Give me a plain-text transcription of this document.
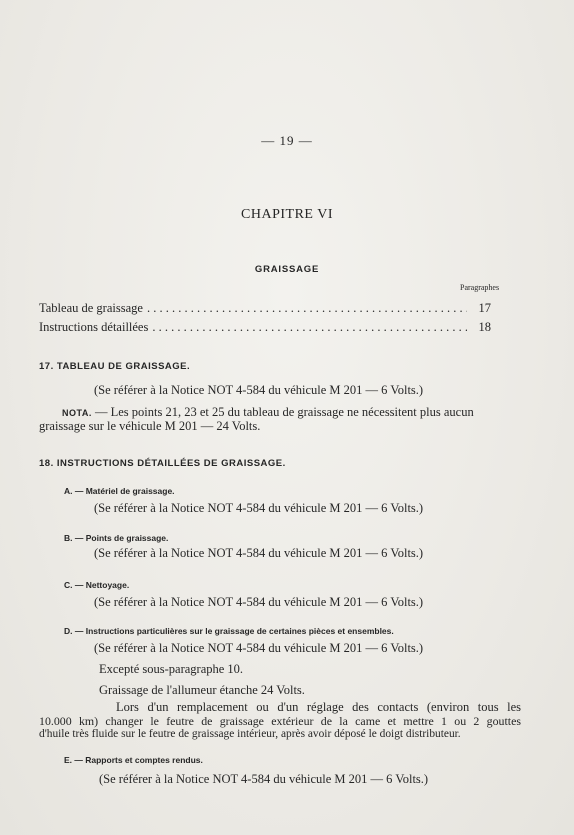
— 19 —
CHAPITRE VI
GRAISSAGE
Paragraphes
Tableau de graissage . . .	17
Instructions détaillées . . .	18
17. TABLEAU DE GRAISSAGE.
(Se référer à la Notice NOT 4-584 du véhicule M 201 — 6 Volts.)
NOTA. — Les points 21, 23 et 25 du tableau de graissage ne nécessitent plus aucun
graissage sur le véhicule M 201 — 24 Volts.
18. INSTRUCTIONS DÉTAILLÉES DE GRAISSAGE.
A. — Matériel de graissage.
(Se référer à la Notice NOT 4-584 du véhicule M 201 — 6 Volts.)
B. — Points de graissage.
(Se référer à la Notice NOT 4-584 du véhicule M 201 — 6 Volts.)
C. — Nettoyage.
(Se référer à la Notice NOT 4-584 du véhicule M 201 — 6 Volts.)
D. — Instructions particulières sur le graissage de certaines pièces et ensembles.
(Se référer à la Notice NOT 4-584 du véhicule M 201 — 6 Volts.)
Excepté sous-paragraphe 10.
Graissage de l'allumeur étanche 24 Volts.
Lors d'un remplacement ou d'un réglage des contacts (environ tous les
10.000 km) changer le feutre de graissage extérieur de la came et mettre 1 ou 2 gouttes
d'huile très fluide sur le feutre de graissage intérieur, après avoir déposé le doigt distributeur.
E. — Rapports et comptes rendus.
(Se référer à la Notice NOT 4-584 du véhicule M 201 — 6 Volts.)
